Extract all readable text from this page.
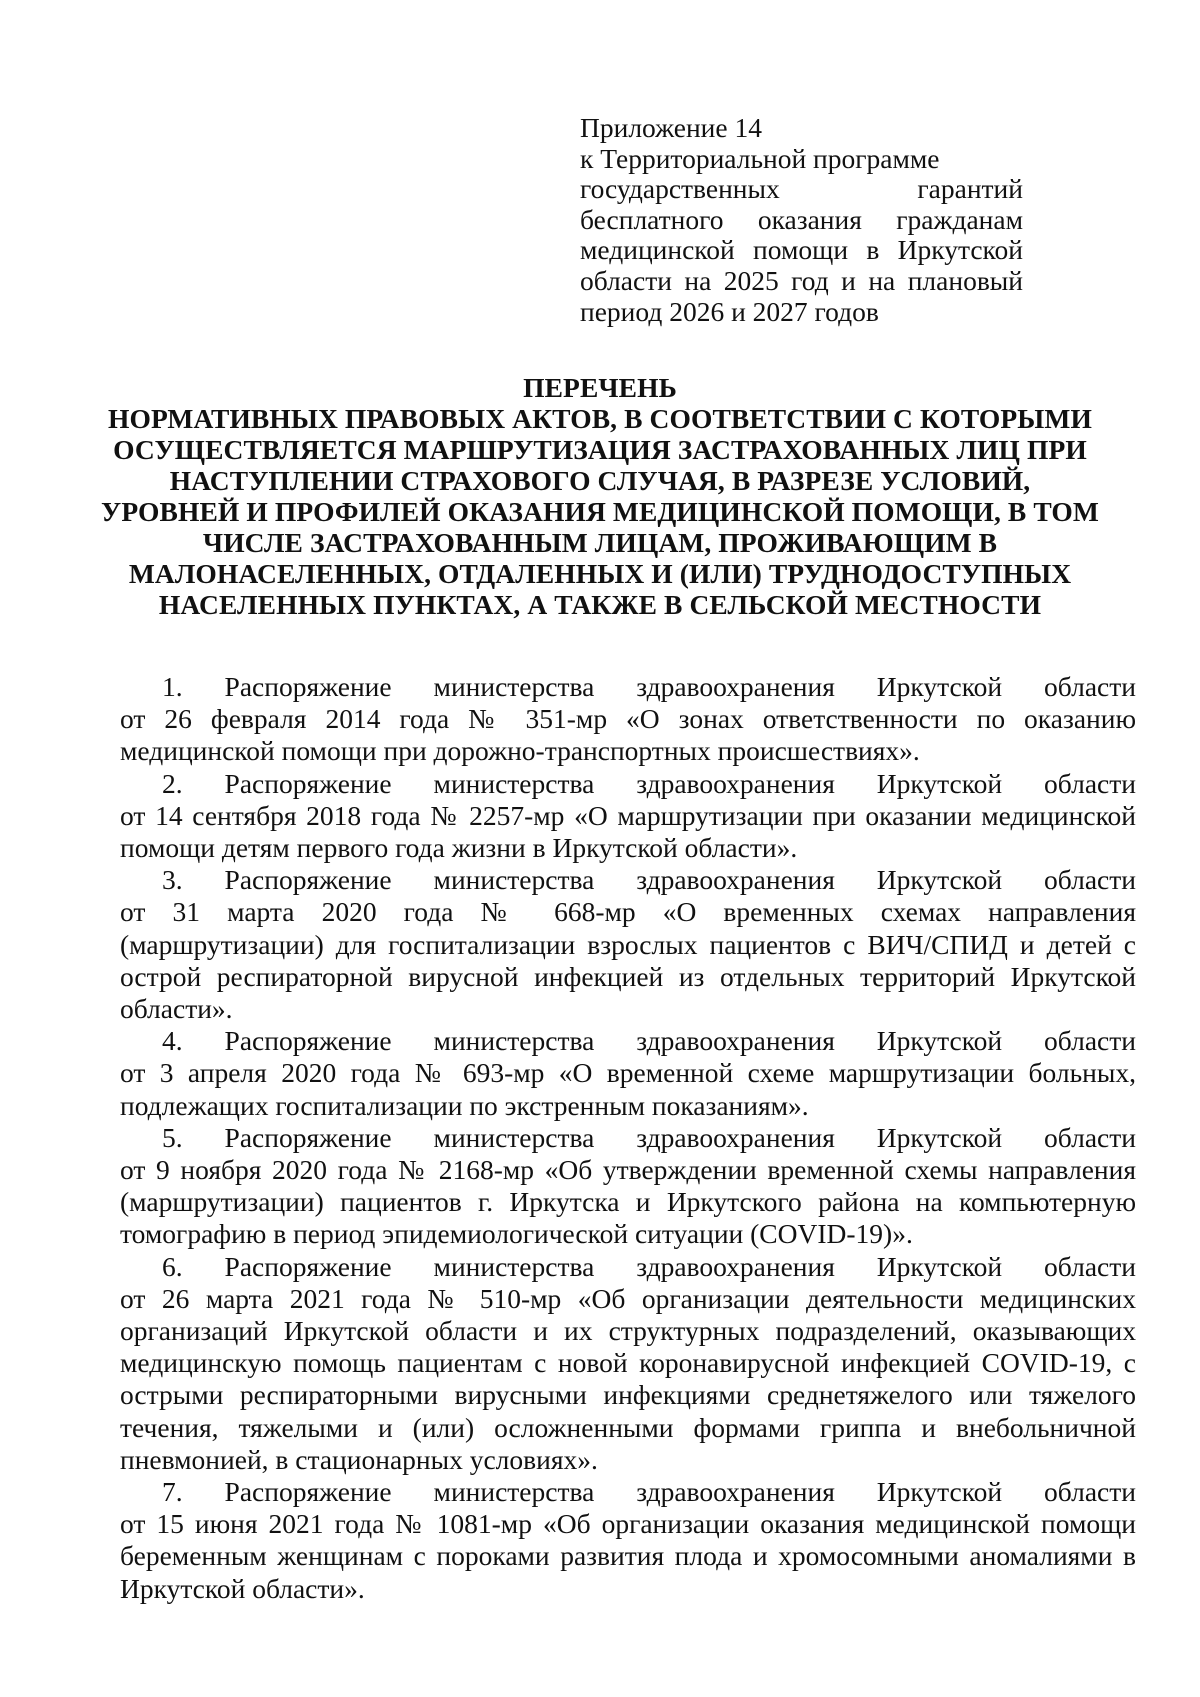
Приложение 14
к Территориальной программе
государственных гарантий
бесплатного оказания гражданам
медицинской помощи в Иркутской
области на 2025 год и на плановый
период 2026 и 2027 годов
ПЕРЕЧЕНЬ
НОРМАТИВНЫХ ПРАВОВЫХ АКТОВ, В СООТВЕТСТВИИ С КОТОРЫМИ
ОСУЩЕСТВЛЯЕТСЯ МАРШРУТИЗАЦИЯ ЗАСТРАХОВАННЫХ ЛИЦ ПРИ
НАСТУПЛЕНИИ СТРАХОВОГО СЛУЧАЯ, В РАЗРЕЗЕ УСЛОВИЙ,
УРОВНЕЙ И ПРОФИЛЕЙ ОКАЗАНИЯ МЕДИЦИНСКОЙ ПОМОЩИ, В ТОМ
ЧИСЛЕ ЗАСТРАХОВАННЫМ ЛИЦАМ, ПРОЖИВАЮЩИМ В
МАЛОНАСЕЛЕННЫХ, ОТДАЛЕННЫХ И (ИЛИ) ТРУДНОДОСТУПНЫХ
НАСЕЛЕННЫХ ПУНКТАХ, А ТАКЖЕ В СЕЛЬСКОЙ МЕСТНОСТИ
1. Распоряжение министерства здравоохранения Иркутской области
от 26 февраля 2014 года № 351-мр «О зонах ответственности по оказанию
медицинской помощи при дорожно-транспортных происшествиях».
2. Распоряжение министерства здравоохранения Иркутской области
от 14 сентября 2018 года № 2257-мр «О маршрутизации при оказании медицинской
помощи детям первого года жизни в Иркутской области».
3. Распоряжение министерства здравоохранения Иркутской области
от 31 марта 2020 года № 668-мр «О временных схемах направления
(маршрутизации) для госпитализации взрослых пациентов с ВИЧ/СПИД и детей с
острой респираторной вирусной инфекцией из отдельных территорий Иркутской
области».
4. Распоряжение министерства здравоохранения Иркутской области
от 3 апреля 2020 года № 693-мр «О временной схеме маршрутизации больных,
подлежащих госпитализации по экстренным показаниям».
5. Распоряжение министерства здравоохранения Иркутской области
от 9 ноября 2020 года № 2168-мр «Об утверждении временной схемы направления
(маршрутизации) пациентов г. Иркутска и Иркутского района на компьютерную
томографию в период эпидемиологической ситуации (COVID-19)».
6. Распоряжение министерства здравоохранения Иркутской области
от 26 марта 2021 года № 510-мр «Об организации деятельности медицинских
организаций Иркутской области и их структурных подразделений, оказывающих
медицинскую помощь пациентам с новой коронавирусной инфекцией COVID-19, с
острыми респираторными вирусными инфекциями среднетяжелого или тяжелого
течения, тяжелыми и (или) осложненными формами гриппа и внебольничной
пневмонией, в стационарных условиях».
7. Распоряжение министерства здравоохранения Иркутской области
от 15 июня 2021 года № 1081-мр «Об организации оказания медицинской помощи
беременным женщинам с пороками развития плода и хромосомными аномалиями в
Иркутской области».
